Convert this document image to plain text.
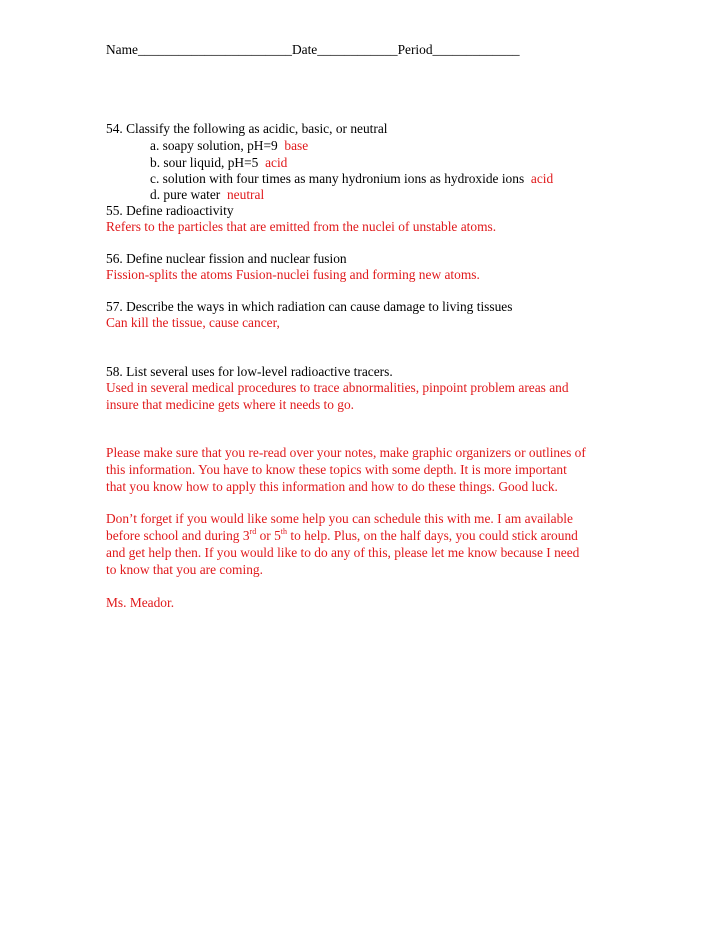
Name_______________________Date____________Period_____________
54. Classify the following as acidic, basic, or neutral
a. soapy solution, pH=9 base
b. sour liquid, pH=5 acid
c. solution with four times as many hydronium ions as hydroxide ions acid
d. pure water neutral
55. Define radioactivity
Refers to the particles that are emitted from the nuclei of unstable atoms.
56. Define nuclear fission and nuclear fusion
Fission-splits the atoms Fusion-nuclei fusing and forming new atoms.
57. Describe the ways in which radiation can cause damage to living tissues
Can kill the tissue, cause cancer,
58. List several uses for low-level radioactive tracers.
Used in several medical procedures to trace abnormalities, pinpoint problem areas and
insure that medicine gets where it needs to go.
Please make sure that you re-read over your notes, make graphic organizers or outlines of
this information. You have to know these topics with some depth. It is more important
that you know how to apply this information and how to do these things. Good luck.
Don’t forget if you would like some help you can schedule this with me. I am available
before school and during 3rd or 5th to help. Plus, on the half days, you could stick around
and get help then. If you would like to do any of this, please let me know because I need
to know that you are coming.
Ms. Meador.
